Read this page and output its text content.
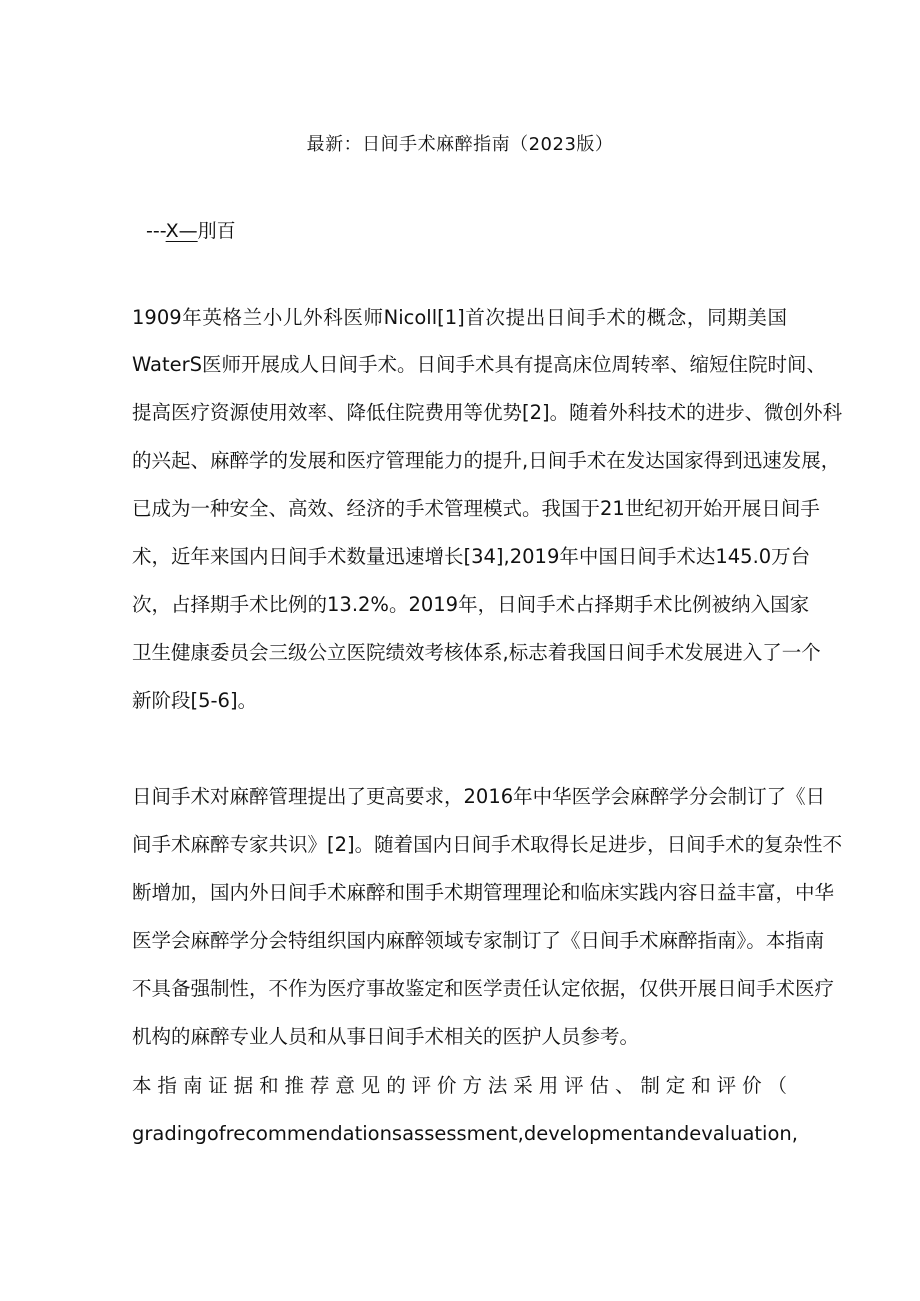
最新：日间手术麻醉指南（2023版）
---X—刖百
1909年英格兰小儿外科医师Nicoll[1]首次提出日间手术的概念，同期美国
WaterS医师开展成人日间手术。日间手术具有提高床位周转率、缩短住院时间、
提高医疗资源使用效率、降低住院费用等优势[2]。随着外科技术的进步、微创外科
的兴起、麻醉学的发展和医疗管理能力的提升,日间手术在发达国家得到迅速发展，
已成为一种安全、高效、经济的手术管理模式。我国于21世纪初开始开展日间手
术，近年来国内日间手术数量迅速增长[34],2019年中国日间手术达145.0万台
次，占择期手术比例的13.2%。2019年，日间手术占择期手术比例被纳入国家
卫生健康委员会三级公立医院绩效考核体系,标志着我国日间手术发展进入了一个
新阶段[5-6]。
日间手术对麻醉管理提出了更高要求，2016年中华医学会麻醉学分会制订了《日
间手术麻醉专家共识》[2]。随着国内日间手术取得长足进步，日间手术的复杂性不
断增加，国内外日间手术麻醉和围手术期管理理论和临床实践内容日益丰富，中华
医学会麻醉学分会特组织国内麻醉领域专家制订了《日间手术麻醉指南》。本指南
不具备强制性，不作为医疗事故鉴定和医学责任认定依据，仅供开展日间手术医疗
机构的麻醉专业人员和从事日间手术相关的医护人员参考。
本指南证据和推荐意见的评价方法采用评估、制定和评价（
gradingofrecommendationsassessment,developmentandevaluation,
